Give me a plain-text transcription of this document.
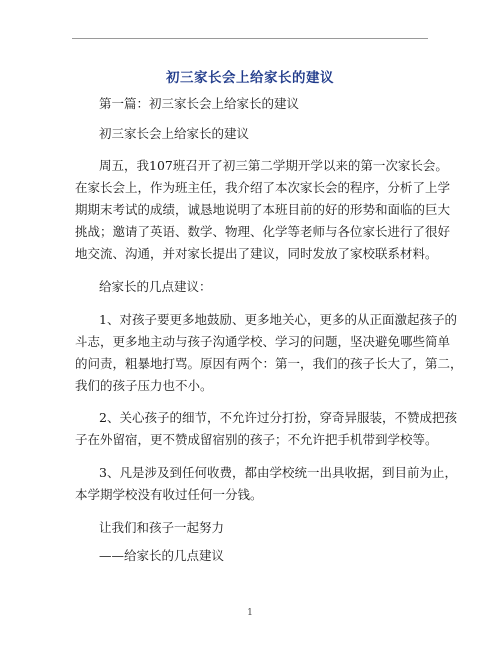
初三家长会上给家长的建议
第一篇：初三家长会上给家长的建议
初三家长会上给家长的建议
周五，我107班召开了初三第二学期开学以来的第一次家长会。
在家长会上，作为班主任，我介绍了本次家长会的程序，分析了上学
期期末考试的成绩，诚恳地说明了本班目前的好的形势和面临的巨大
挑战；邀请了英语、数学、物理、化学等老师与各位家长进行了很好
地交流、沟通，并对家长提出了建议，同时发放了家校联系材料。
给家长的几点建议：
1、对孩子要更多地鼓励、更多地关心，更多的从正面激起孩子的
斗志，更多地主动与孩子沟通学校、学习的问题，坚决避免哪些简单
的问责，粗暴地打骂。原因有两个：第一，我们的孩子长大了，第二，
我们的孩子压力也不小。
2、关心孩子的细节，不允许过分打扮，穿奇异服装，不赞成把孩
子在外留宿，更不赞成留宿别的孩子；不允许把手机带到学校等。
3、凡是涉及到任何收费，都由学校统一出具收据，到目前为止，
本学期学校没有收过任何一分钱。
让我们和孩子一起努力
——给家长的几点建议
1
